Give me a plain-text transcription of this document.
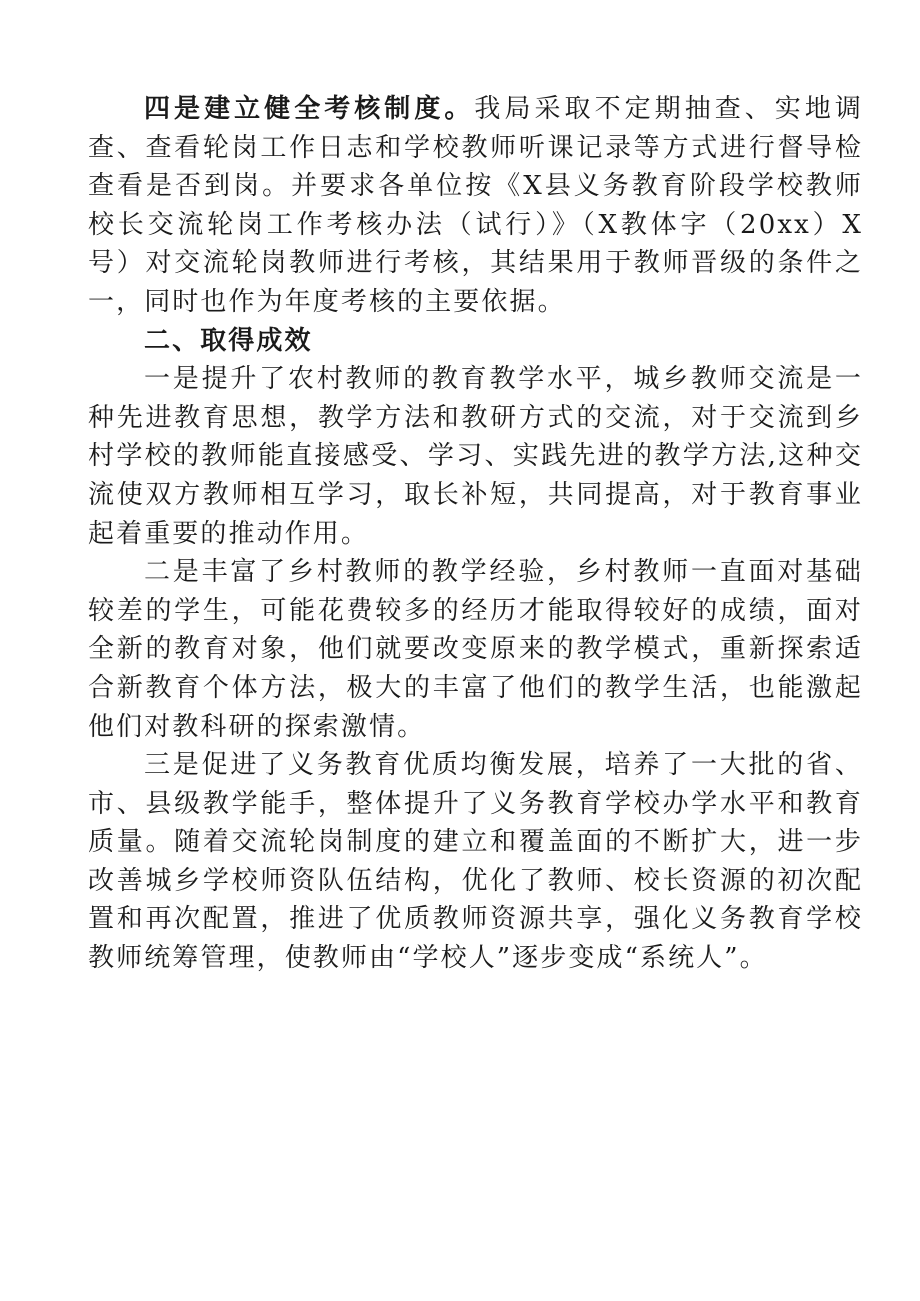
四是建立健全考核制度。我局采取不定期抽查、实地调查、查看轮岗工作日志和学校教师听课记录等方式进行督导检查看是否到岗。并要求各单位按《X县义务教育阶段学校教师校长交流轮岗工作考核办法（试行）》（X教体字（20xx）X号）对交流轮岗教师进行考核，其结果用于教师晋级的条件之一，同时也作为年度考核的主要依据。

二、取得成效

一是提升了农村教师的教育教学水平，城乡教师交流是一种先进教育思想，教学方法和教研方式的交流，对于交流到乡村学校的教师能直接感受、学习、实践先进的教学方法,这种交流使双方教师相互学习，取长补短，共同提高，对于教育事业起着重要的推动作用。

二是丰富了乡村教师的教学经验，乡村教师一直面对基础较差的学生，可能花费较多的经历才能取得较好的成绩，面对全新的教育对象，他们就要改变原来的教学模式，重新探索适合新教育个体方法，极大的丰富了他们的教学生活，也能激起他们对教科研的探索激情。

三是促进了义务教育优质均衡发展，培养了一大批的省、市、县级教学能手，整体提升了义务教育学校办学水平和教育质量。随着交流轮岗制度的建立和覆盖面的不断扩大，进一步改善城乡学校师资队伍结构，优化了教师、校长资源的初次配置和再次配置，推进了优质教师资源共享，强化义务教育学校教师统筹管理，使教师由“学校人”逐步变成“系统人”。
